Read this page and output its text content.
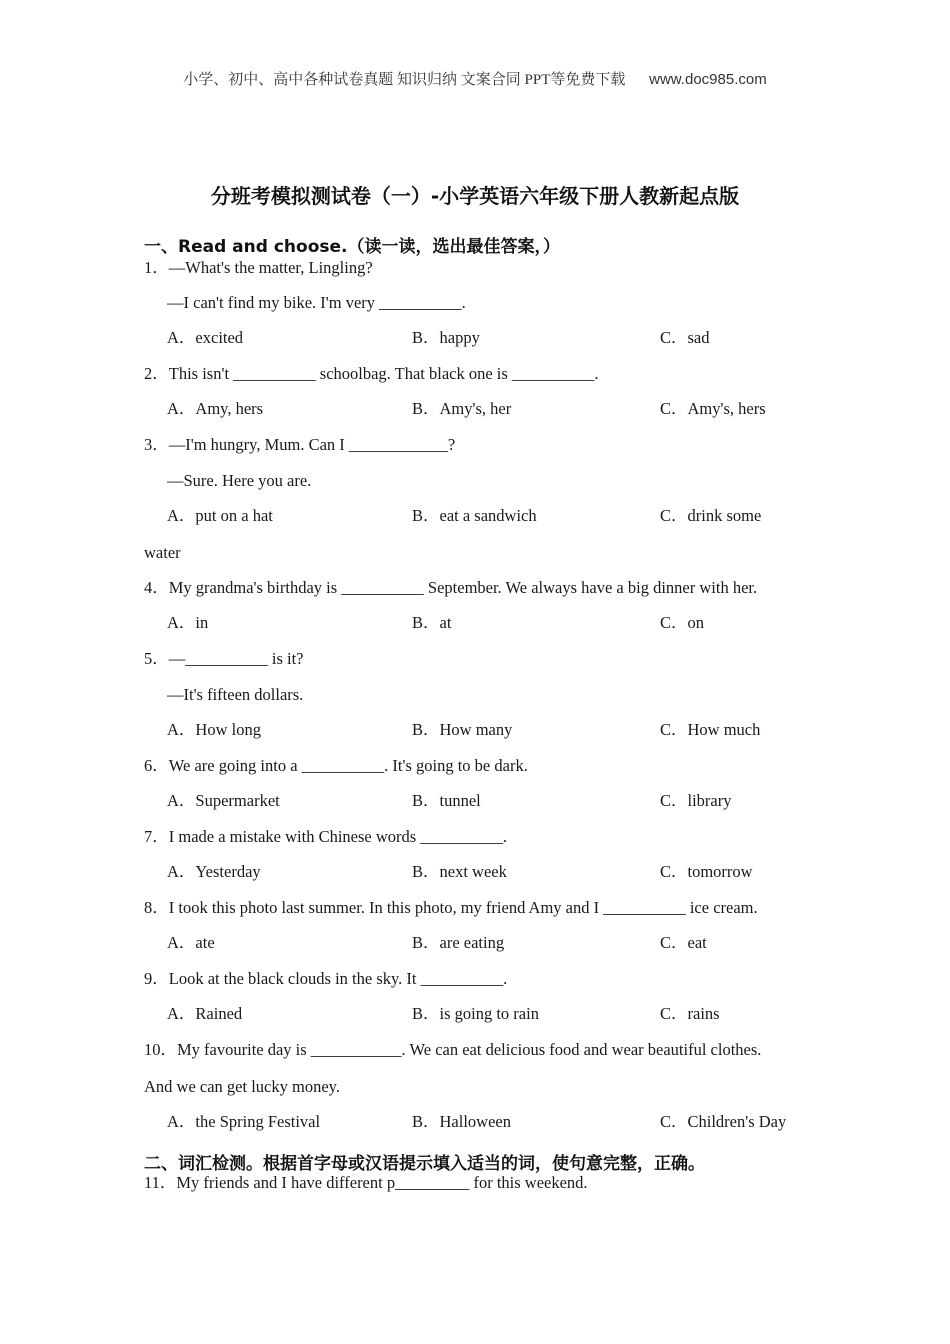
小学、初中、高中各种试卷真题 知识归纳 文案合同 PPT等免费下载 www.doc985.com
分班考模拟测试卷（一）-小学英语六年级下册人教新起点版
一、Read and choose.（读一读，选出最佳答案，）
1．—What's the matter, Lingling?
—I can't find my bike. I'm very __________.
A．excited	B．happy	C．sad
2．This isn't __________ schoolbag. That black one is __________.
A．Amy, hers	B．Amy's, her	C．Amy's, hers
3．—I'm hungry, Mum. Can I ____________?
—Sure. Here you are.
A．put on a hat	B．eat a sandwich	C．drink some
water
4．My grandma's birthday is __________ September. We always have a big dinner with her.
A．in	B．at	C．on
5．—__________ is it?
—It's fifteen dollars.
A．How long	B．How many	C．How much
6．We are going into a __________. It's going to be dark.
A．Supermarket	B．tunnel	C．library
7．I made a mistake with Chinese words __________.
A．Yesterday	B．next week	C．tomorrow
8．I took this photo last summer. In this photo, my friend Amy and I __________ ice cream.
A．ate	B．are eating	C．eat
9．Look at the black clouds in the sky. It __________.
A．Rained	B．is going to rain	C．rains
10．My favourite day is ___________. We can eat delicious food and wear beautiful clothes.
And we can get lucky money.
A．the Spring Festival	B．Halloween	C．Children's Day
二、词汇检测。根据首字母或汉语提示填入适当的词，使句意完整，正确。
11．My friends and I have different p_________ for this weekend.
